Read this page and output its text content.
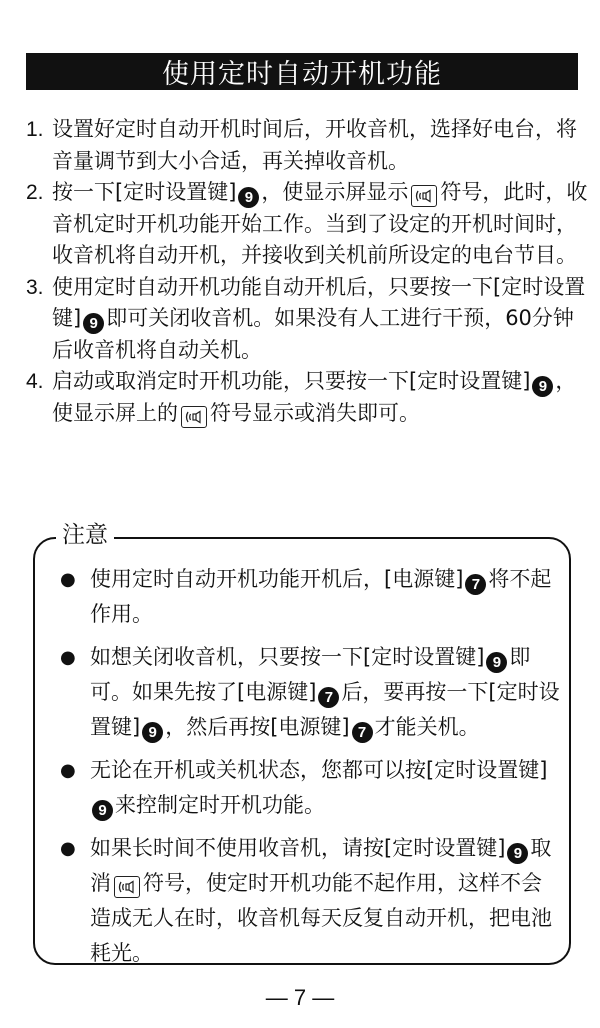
使用定时自动开机功能
1. 设置好定时自动开机时间后，开收音机，选择好电台，将音量调节到大小合适，再关掉收音机。
2. 按一下[定时设置键] 9 ，使显示屏显示 符号，此时，收音机定时开机功能开始工作。当到了设定的开机时间时，收音机将自动开机，并接收到关机前所设定的电台节目。
3. 使用定时自动开机功能自动开机后，只要按一下[定时设置键] 9 即可关闭收音机。如果没有人工进行干预，60分钟后收音机将自动关机。
4. 启动或取消定时开机功能，只要按一下[定时设置键] 9 ，使显示屏上的 符号显示或消失即可。
注意
● 使用定时自动开机功能开机后，[电源键] 7 将不起作用。
● 如想关闭收音机，只要按一下[定时设置键] 9 即可。如果先按了[电源键] 7 后，要再按一下[定时设置键] 9 ，然后再按[电源键] 7 才能关机。
● 无论在开机或关机状态，您都可以按[定时设置键]9 来控制定时开机功能。
● 如果长时间不使用收音机，请按[定时设置键] 9 取消 符号，使定时开机功能不起作用，这样不会造成无人在时，收音机每天反复自动开机，把电池耗光。
— 7 —
